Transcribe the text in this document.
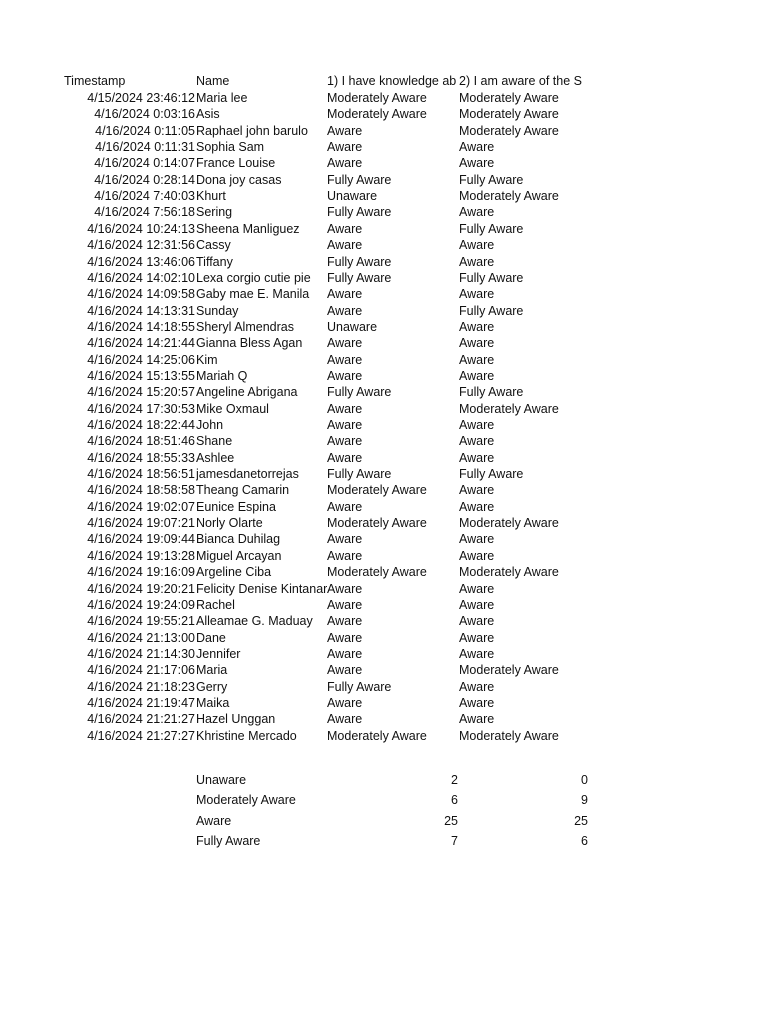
Timestamp	Name	1) I have knowledge ab 2) I am aware of the S
4/15/2024 23:46:12 Maria lee	Moderately Aware	Moderately Aware
4/16/2024 0:03:16 Asis	Moderately Aware	Moderately Aware
4/16/2024 0:11:05 Raphael john barulo	Aware	Moderately Aware
4/16/2024 0:11:31 Sophia Sam	Aware	Aware
4/16/2024 0:14:07 France Louise	Aware	Aware
4/16/2024 0:28:14 Dona joy casas	Fully Aware	Fully Aware
4/16/2024 7:40:03 Khurt	Unaware	Moderately Aware
4/16/2024 7:56:18 Sering	Fully Aware	Aware
4/16/2024 10:24:13 Sheena Manliguez	Aware	Fully Aware
4/16/2024 12:31:56 Cassy	Aware	Aware
4/16/2024 13:46:06 Tiffany	Fully Aware	Aware
4/16/2024 14:02:10 Lexa corgio cutie pie	Fully Aware	Fully Aware
4/16/2024 14:09:58 Gaby mae E. Manila	Aware	Aware
4/16/2024 14:13:31 Sunday	Aware	Fully Aware
4/16/2024 14:18:55 Sheryl Almendras	Unaware	Aware
4/16/2024 14:21:44 Gianna Bless Agan	Aware	Aware
4/16/2024 14:25:06 Kim	Aware	Aware
4/16/2024 15:13:55 Mariah Q	Aware	Aware
4/16/2024 15:20:57 Angeline Abrigana	Fully Aware	Fully Aware
4/16/2024 17:30:53 Mike Oxmaul	Aware	Moderately Aware
4/16/2024 18:22:44 John	Aware	Aware
4/16/2024 18:51:46 Shane	Aware	Aware
4/16/2024 18:55:33 Ashlee	Aware	Aware
4/16/2024 18:56:51 jamesdanetorrejas	Fully Aware	Fully Aware
4/16/2024 18:58:58 Theang Camarin	Moderately Aware	Aware
4/16/2024 19:02:07 Eunice Espina	Aware	Aware
4/16/2024 19:07:21 Norly Olarte	Moderately Aware	Moderately Aware
4/16/2024 19:09:44 Bianca Duhilag	Aware	Aware
4/16/2024 19:13:28 Miguel Arcayan	Aware	Aware
4/16/2024 19:16:09 Argeline Ciba	Moderately Aware	Moderately Aware
4/16/2024 19:20:21 Felicity Denise Kintanar Aware	Aware
4/16/2024 19:24:09 Rachel	Aware	Aware
4/16/2024 19:55:21 Alleamae G. Maduay	Aware	Aware
4/16/2024 21:13:00 Dane	Aware	Aware
4/16/2024 21:14:30 Jennifer	Aware	Aware
4/16/2024 21:17:06 Maria	Aware	Moderately Aware
4/16/2024 21:18:23 Gerry	Fully Aware	Aware
4/16/2024 21:19:47 Maika	Aware	Aware
4/16/2024 21:21:27 Hazel Unggan	Aware	Aware
4/16/2024 21:27:27 Khristine Mercado	Moderately Aware	Moderately Aware
Unaware	2	0
Moderately Aware	6	9
Aware	25	25
Fully Aware	7	6
